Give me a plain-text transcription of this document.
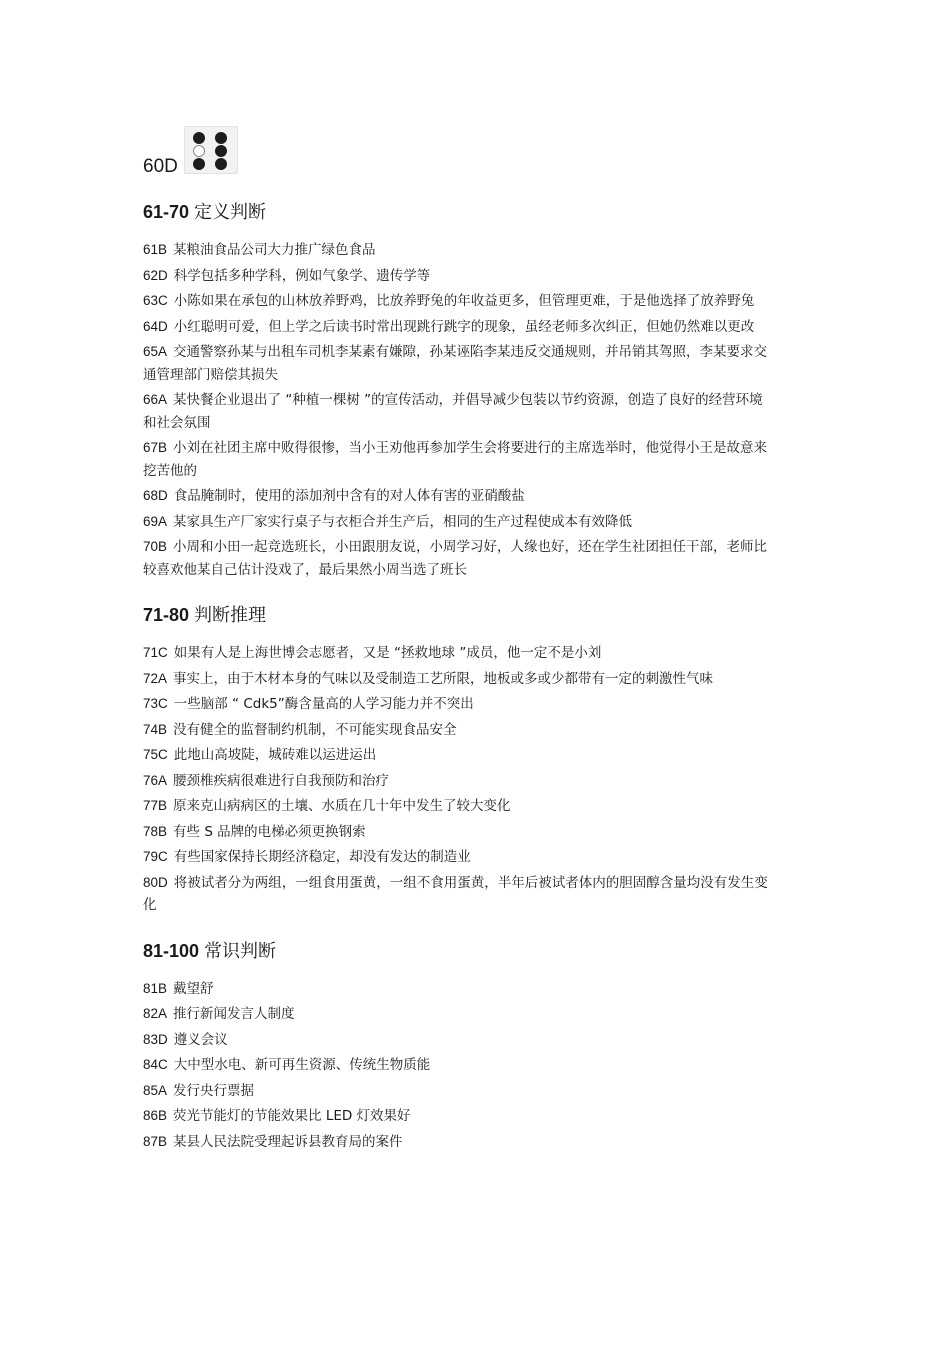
60D
61-70 定义判断
61B 某粮油食品公司大力推广绿色食品
62D 科学包括多种学科，例如气象学、遗传学等
63C 小陈如果在承包的山林放养野鸡，比放养野兔的年收益更多，但管理更难，于是他选择了放养野兔
64D 小红聪明可爱，但上学之后读书时常出现跳行跳字的现象，虽经老师多次纠正，但她仍然难以更改
65A 交通警察孙某与出租车司机李某素有嫌隙，孙某诬陷李某违反交通规则，并吊销其驾照，李某要求交通管理部门赔偿其损失
66A 某快餐企业退出了 “种植一棵树 ”的宣传活动，并倡导减少包装以节约资源，创造了良好的经营环境和社会氛围
67B 小刘在社团主席中败得很惨，当小王劝他再参加学生会将要进行的主席选举时，他觉得小王是故意来挖苦他的
68D 食品腌制时，使用的添加剂中含有的对人体有害的亚硝酸盐
69A 某家具生产厂家实行桌子与衣柜合并生产后，相同的生产过程使成本有效降低
70B 小周和小田一起竞选班长，小田跟朋友说，小周学习好，人缘也好，还在学生社团担任干部，老师比较喜欢他某自己估计没戏了，最后果然小周当选了班长
71-80 判断推理
71C 如果有人是上海世博会志愿者，又是 “拯救地球 ”成员，他一定不是小刘
72A 事实上，由于木材本身的气味以及受制造工艺所限，地板或多或少都带有一定的刺激性气味
73C 一些脑部 “ Cdk5”酶含量高的人学习能力并不突出
74B 没有健全的监督制约机制，不可能实现食品安全
75C 此地山高坡陡，城砖难以运进运出
76A 腰颈椎疾病很难进行自我预防和治疗
77B 原来克山病病区的土壤、水质在几十年中发生了较大变化
78B 有些 S 品牌的电梯必须更换钢索
79C 有些国家保持长期经济稳定，却没有发达的制造业
80D 将被试者分为两组，一组食用蛋黄，一组不食用蛋黄，半年后被试者体内的胆固醇含量均没有发生变化
81-100 常识判断
81B 戴望舒
82A 推行新闻发言人制度
83D 遵义会议
84C 大中型水电、新可再生资源、传统生物质能
85A 发行央行票据
86B 荧光节能灯的节能效果比 LED 灯效果好
87B 某县人民法院受理起诉县教育局的案件
